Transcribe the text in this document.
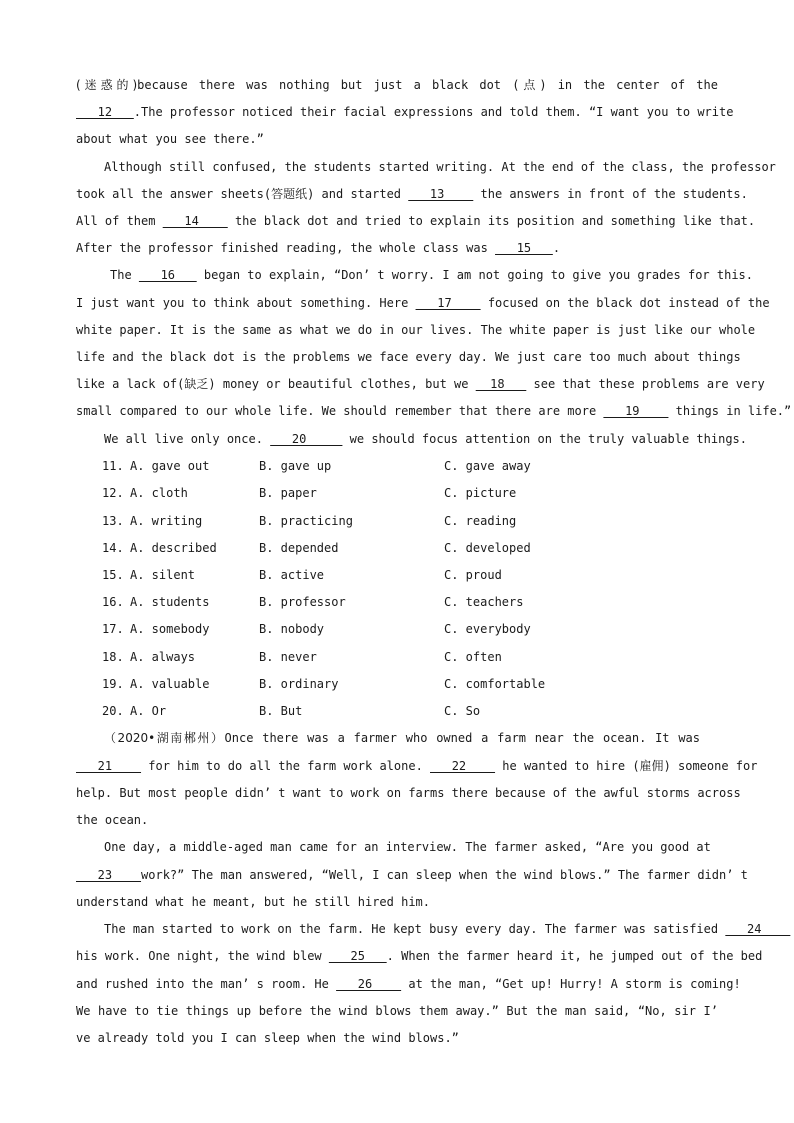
(迷惑的)because there was nothing but just a black dot (点) in the center of the
12   .The professor noticed their facial expressions and told them. “I want you to write
about what you see there.”
Although still confused, the students started writing. At the end of the class, the professor
took all the answer sheets(答题纸) and started    13     the answers in front of the students.
All of them    14     the black dot and tried to explain its position and something like that.
After the professor finished reading, the whole class was    15   .
The    16    began to explain, “Don’ t worry. I am not going to give you grades for this.
I just want you to think about something. Here    17     focused on the black dot instead of the
white paper. It is the same as what we do in our lives. The white paper is just like our whole
life and the black dot is the problems we face every day. We just care too much about things
like a lack of(缺乏) money or beautiful clothes, but we   18    see that these problems are very
small compared to our whole life. We should remember that there are more    19     things in life.”
We all live only once.    20      we should focus attention on the truly valuable things.
11. A. gave out	B. gave up	C. gave away
12. A. cloth	B. paper	C. picture
13. A. writing	B. practicing	C. reading
14. A. described	B. depended	C. developed
15. A. silent	B. active	C. proud
16. A. students	B. professor	C. teachers
17. A. somebody	B. nobody	C. everybody
18. A. always	B. never	C. often
19. A. valuable	B. ordinary	C. comfortable
20. A. Or	B. But	C. So
（2020•湖南郴州）Once there was a farmer who owned a farm near the ocean. It was
21     for him to do all the farm work alone.    22     he wanted to hire (雇佣) someone for
help. But most people didn’ t want to work on farms there because of the awful storms across
the ocean.
One day, a middle-aged man came for an interview. The farmer asked, “Are you good at
23    work?” The man answered, “Well, I can sleep when the wind blows.” The farmer didn’ t
understand what he meant, but he still hired him.
The man started to work on the farm. He kept busy every day. The farmer was satisfied    24
his work. One night, the wind blew    25   . When the farmer heard it, he jumped out of the bed
and rushed into the man’ s room. He    26     at the man, “Get up! Hurry! A storm is coming!
We have to tie things up before the wind blows them away.” But the man said, “No, sir I’
ve already told you I can sleep when the wind blows.”
